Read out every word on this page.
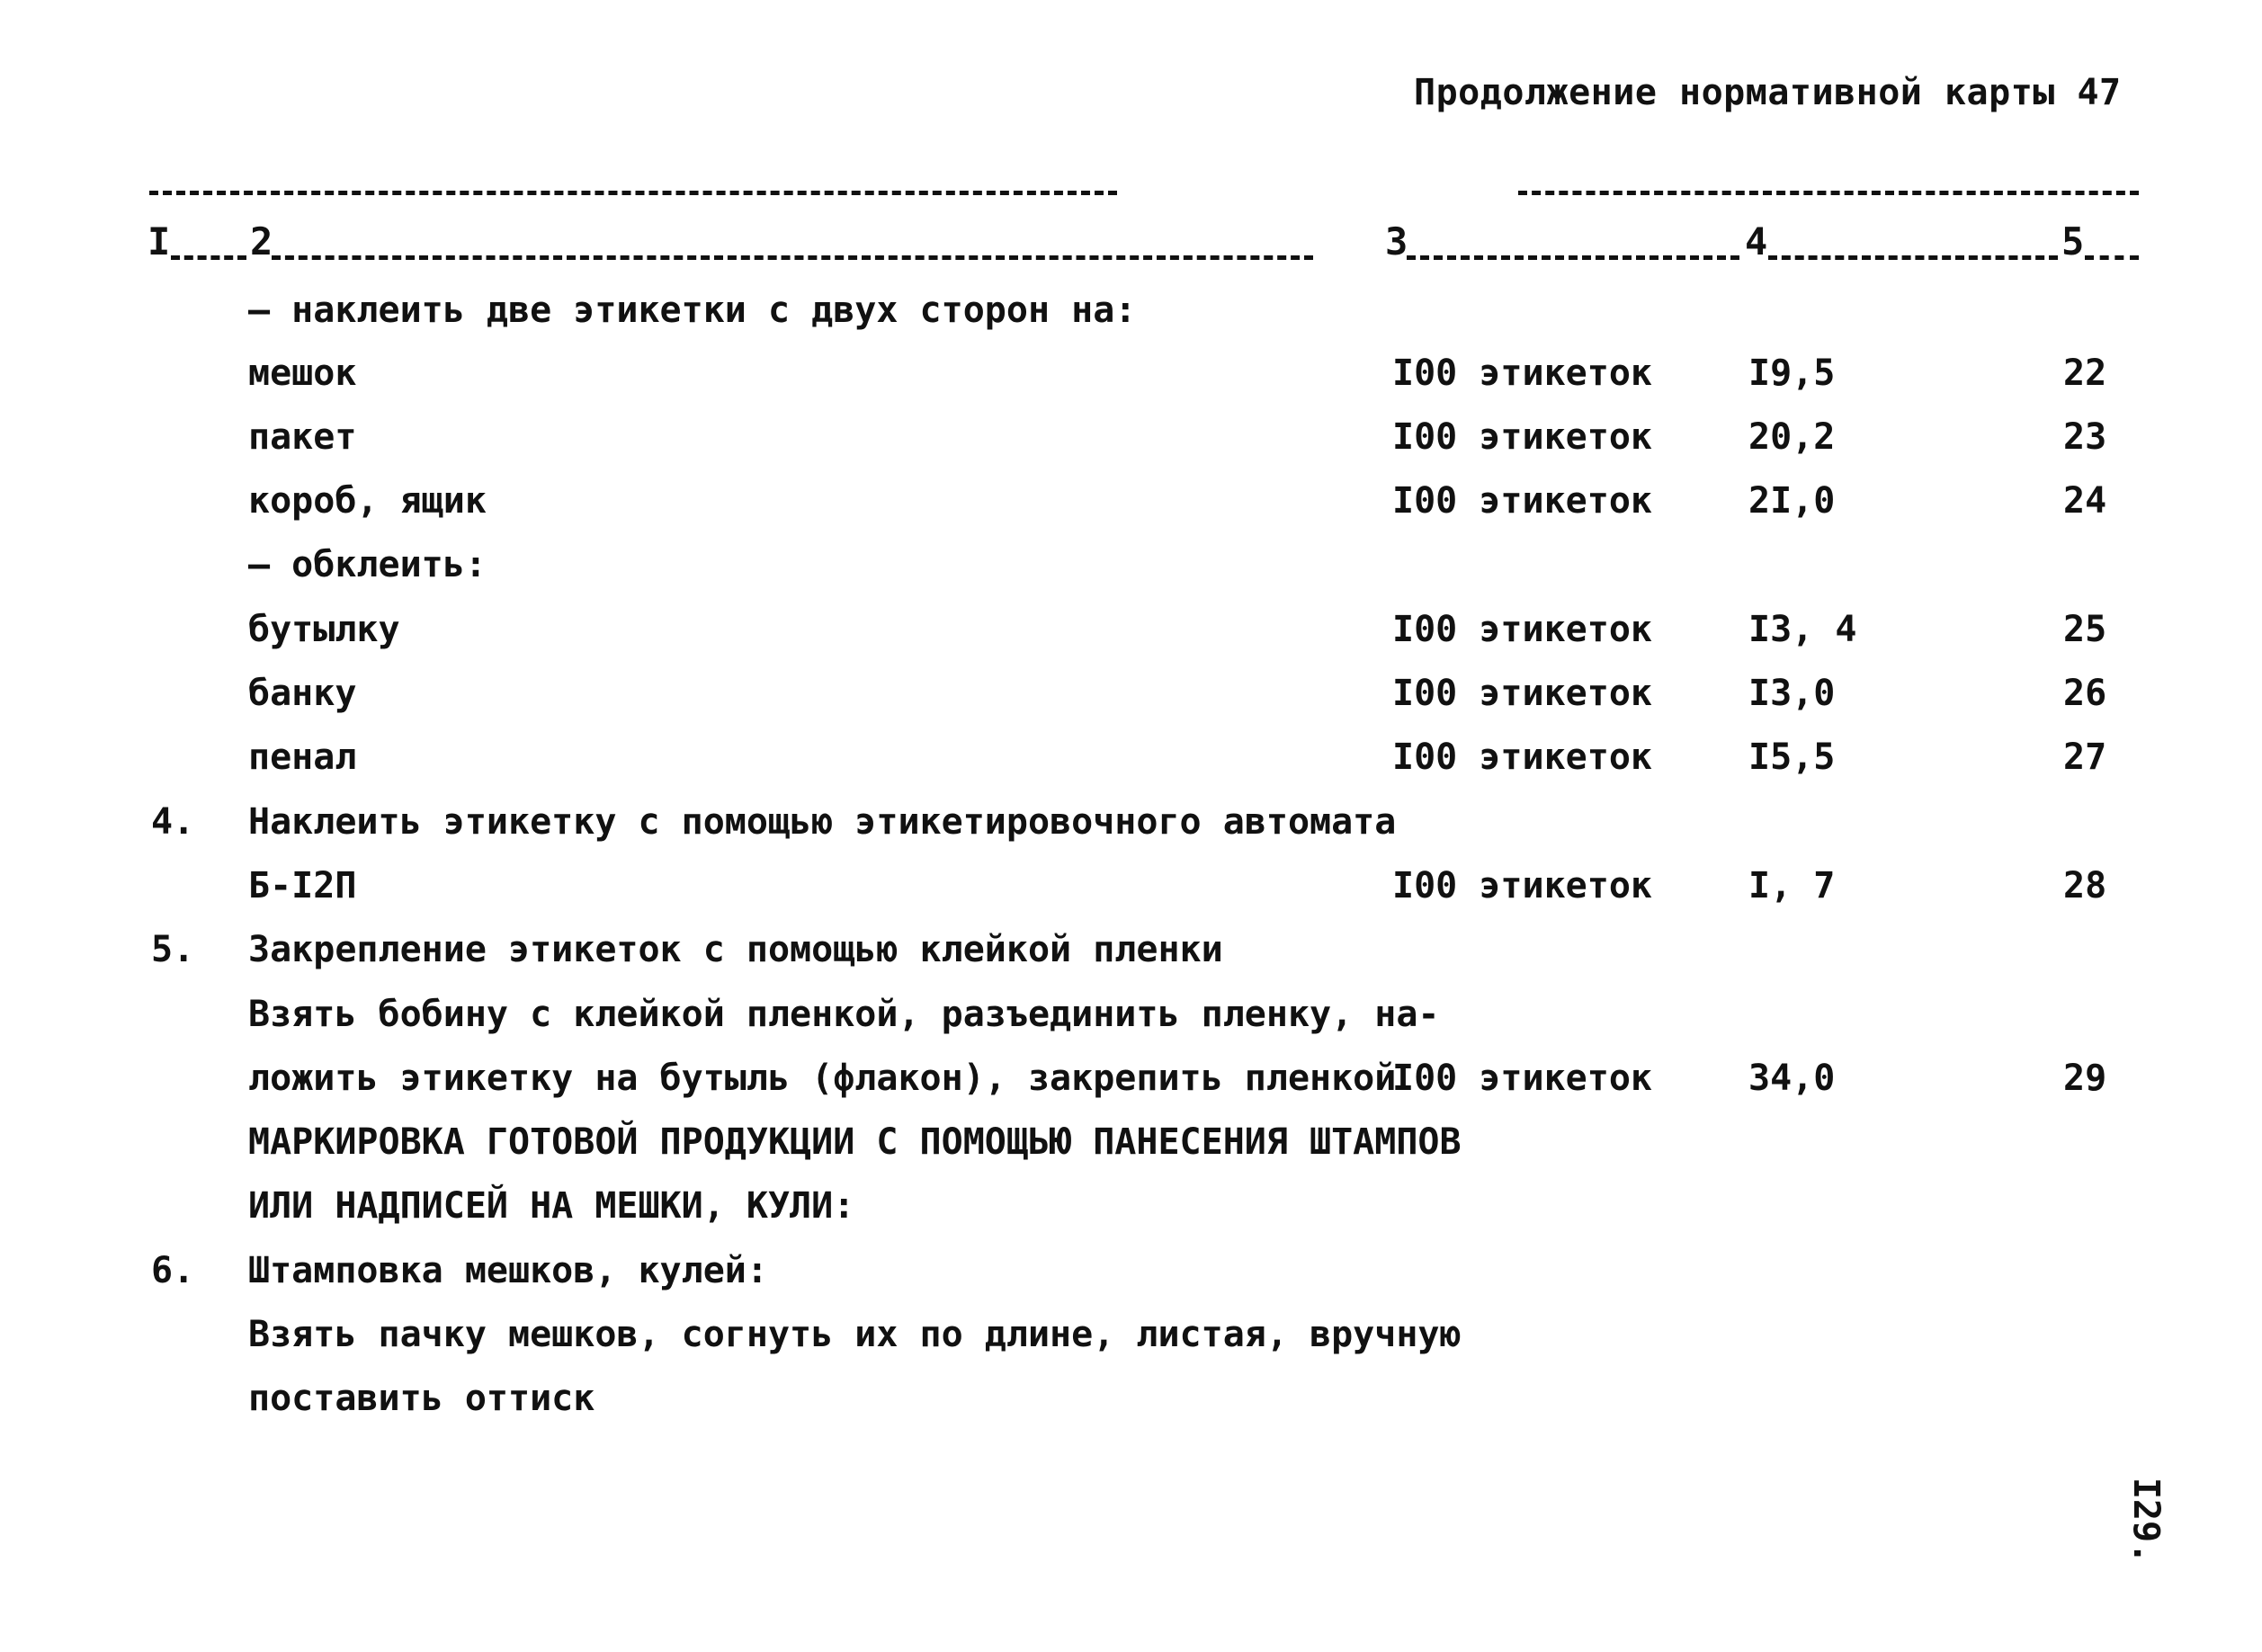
Продолжение нормативной карты 47
I 2	3	4	5
– наклеить две этикетки с двух сторон на:
мешок	I00 этикеток	I9,5	22
пакет	I00 этикеток	20,2	23
короб, ящик	I00 этикеток	2I,0	24
– обклеить:
бутылку	I00 этикеток	I3, 4	25
банку	I00 этикеток	I3,0	26
пенал	I00 этикеток	I5,5	27
4. Наклеить этикетку с помощью этикетировочного автомата
Б-I2П	I00 этикеток	I, 7	28
5. Закрепление этикеток с помощью клейкой пленки
Взять бобину с клейкой пленкой, разъединить пленку, на-
ложить этикетку на бутыль (флакон), закрепить пленкой
I00 этикеток	34,0	29
МАРКИРОВКА ГОТОВОЙ ПРОДУКЦИИ С ПОМОЩЬЮ ПАНЕСЕНИЯ ШТАМПОВ
ИЛИ НАДПИСЕЙ НА МЕШКИ, КУЛИ:
6. Штамповка мешков, кулей:
Взять пачку мешков, согнуть их по длине, листая, вручную
поставить оттиск
I29.
